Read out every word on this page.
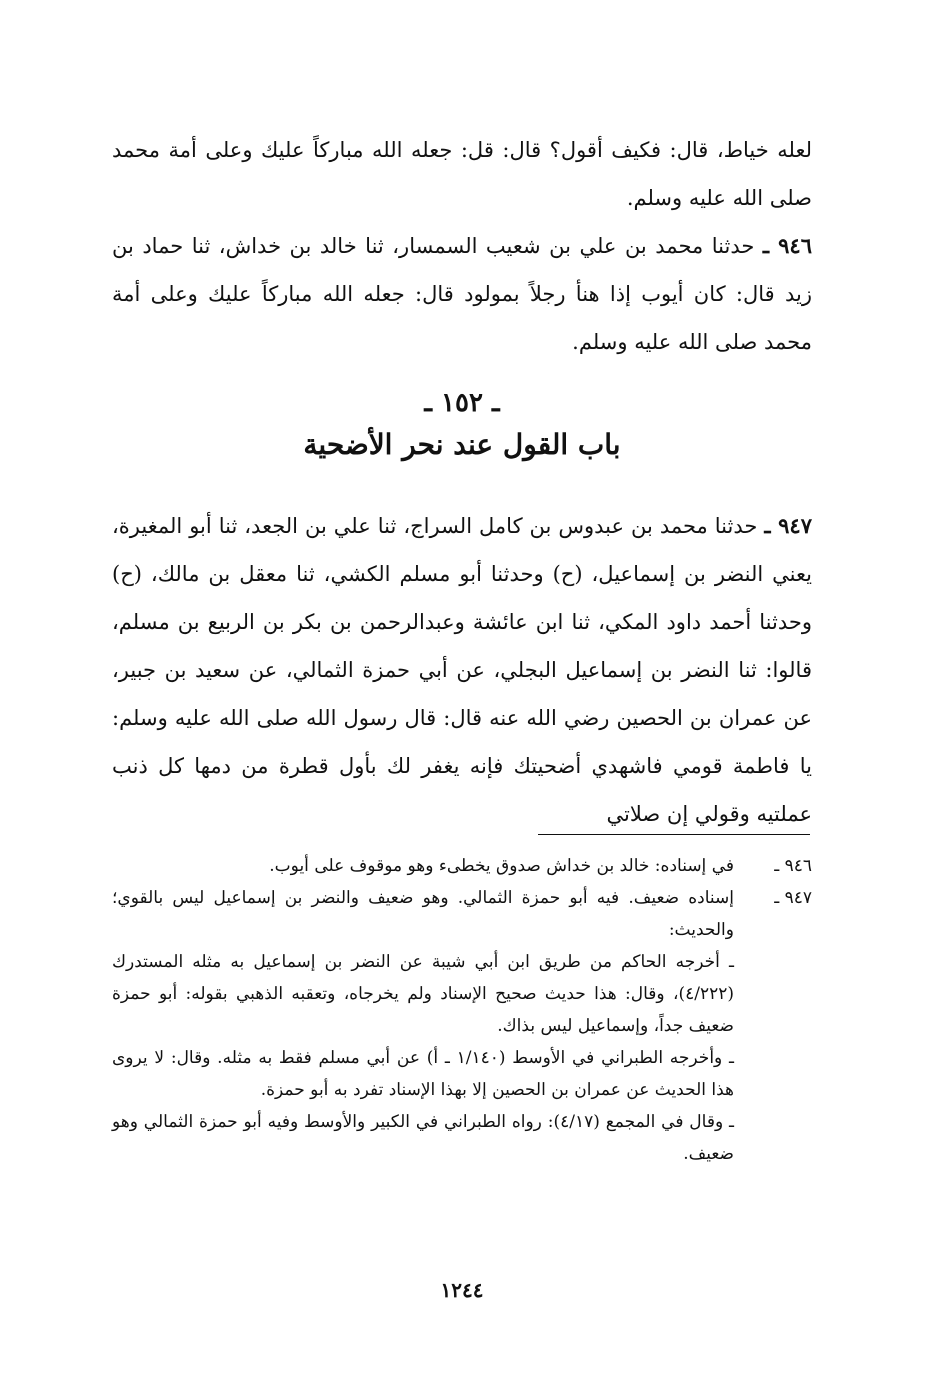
لعله خياط، قال: فكيف أقول؟ قال: قل: جعله الله مباركاً عليك وعلى أمة محمد صلى الله عليه وسلم.
٩٤٦ ـ حدثنا محمد بن علي بن شعيب السمسار، ثنا خالد بن خداش، ثنا حماد بن زيد قال: كان أيوب إذا هنأ رجلاً بمولود قال: جعله الله مباركاً عليك وعلى أمة محمد صلى الله عليه وسلم.
ـ ١٥٢ ـ
باب القول عند نحر الأضحية
٩٤٧ ـ حدثنا محمد بن عبدوس بن كامل السراج، ثنا علي بن الجعد، ثنا أبو المغيرة، يعني النضر بن إسماعيل، (ح) وحدثنا أبو مسلم الكشي، ثنا معقل بن مالك، (ح) وحدثنا أحمد داود المكي، ثنا ابن عائشة وعبدالرحمن بن بكر بن الربيع بن مسلم، قالوا: ثنا النضر بن إسماعيل البجلي، عن أبي حمزة الثمالي، عن سعيد بن جبير، عن عمران بن الحصين رضي الله عنه قال: قال رسول الله صلى الله عليه وسلم: يا فاطمة قومي فاشهدي أضحيتك فإنه يغفر لك بأول قطرة من دمها كل ذنب عملتيه وقولي إن صلاتي
٩٤٦ ـ
في إسناده: خالد بن خداش صدوق يخطىء وهو موقوف على أيوب.
٩٤٧ ـ
إسناده ضعيف. فيه أبو حمزة الثمالي. وهو ضعيف والنضر بن إسماعيل ليس بالقوي؛ والحديث:
ـ أخرجه الحاكم من طريق ابن أبي شيبة عن النضر بن إسماعيل به مثله المستدرك (٤/٢٢٢)، وقال: هذا حديث صحيح الإسناد ولم يخرجاه، وتعقبه الذهبي بقوله: أبو حمزة ضعيف جداً، وإسماعيل ليس بذاك.
ـ وأخرجه الطبراني في الأوسط (١/١٤٠ ـ أ) عن أبي مسلم فقط به مثله. وقال: لا يروى هذا الحديث عن عمران بن الحصين إلا بهذا الإسناد تفرد به أبو حمزة.
ـ وقال في المجمع (٤/١٧): رواه الطبراني في الكبير والأوسط وفيه أبو حمزة الثمالي وهو ضعيف.
١٢٤٤
